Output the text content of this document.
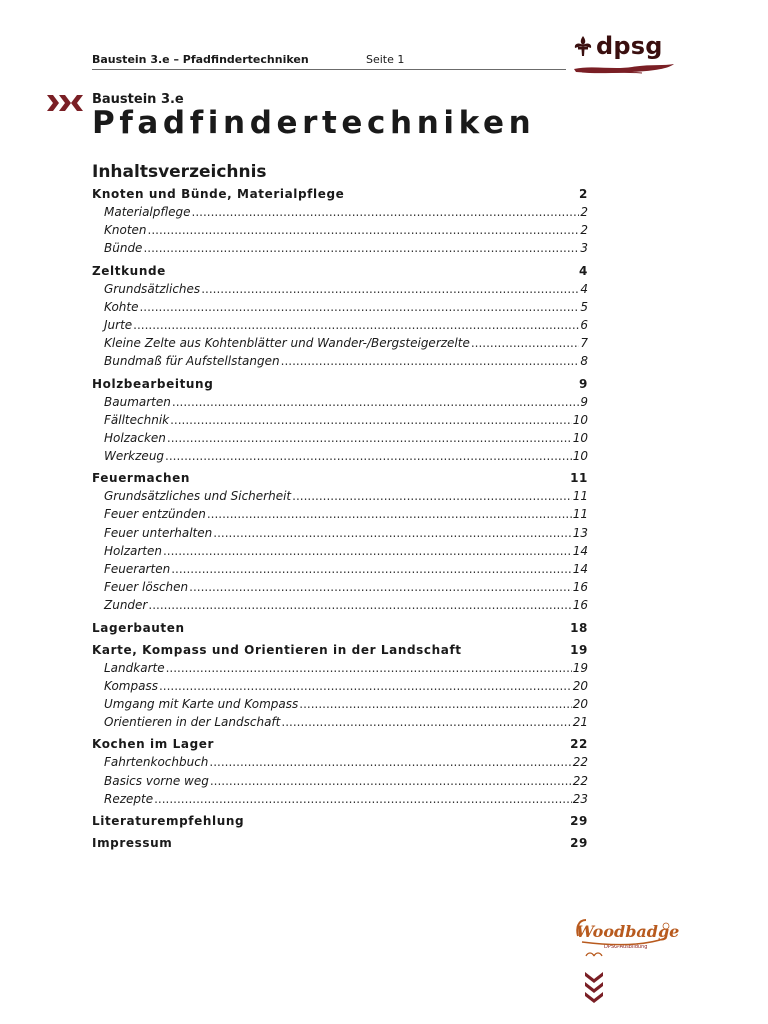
Baustein 3.e – Pfadfindertechniken	Seite 1	dpsg
Baustein 3.e
Pfadfindertechniken
Inhaltsverzeichnis
Knoten und Bünde, Materialpflege	2
Materialpflege .....	2
Knoten .....	2
Bünde .....	3
Zeltkunde	4
Grundsätzliches .....	4
Kohte .....	5
Jurte .....	6
Kleine Zelte aus Kohtenblätter und Wander-/Bergsteigerzelte .....	7
Bundmaß für Aufstellstangen .....	8
Holzbearbeitung	9
Baumarten .....	9
Fälltechnik .....	10
Holzacken .....	10
Werkzeug .....	10
Feuermachen	11
Grundsätzliches und Sicherheit .....	11
Feuer entzünden .....	11
Feuer unterhalten .....	13
Holzarten .....	14
Feuerarten .....	14
Feuer löschen .....	16
Zunder .....	16
Lagerbauten	18
Karte, Kompass und Orientieren in der Landschaft	19
Landkarte .....	19
Kompass .....	20
Umgang mit Karte und Kompass .....	20
Orientieren in der Landschaft .....	21
Kochen im Lager	22
Fahrtenkochbuch .....	22
Basics vorne weg .....	22
Rezepte .....	23
Literaturempfehlung	29
Impressum	29
Woodbadge
DPSG-Ausbildung
